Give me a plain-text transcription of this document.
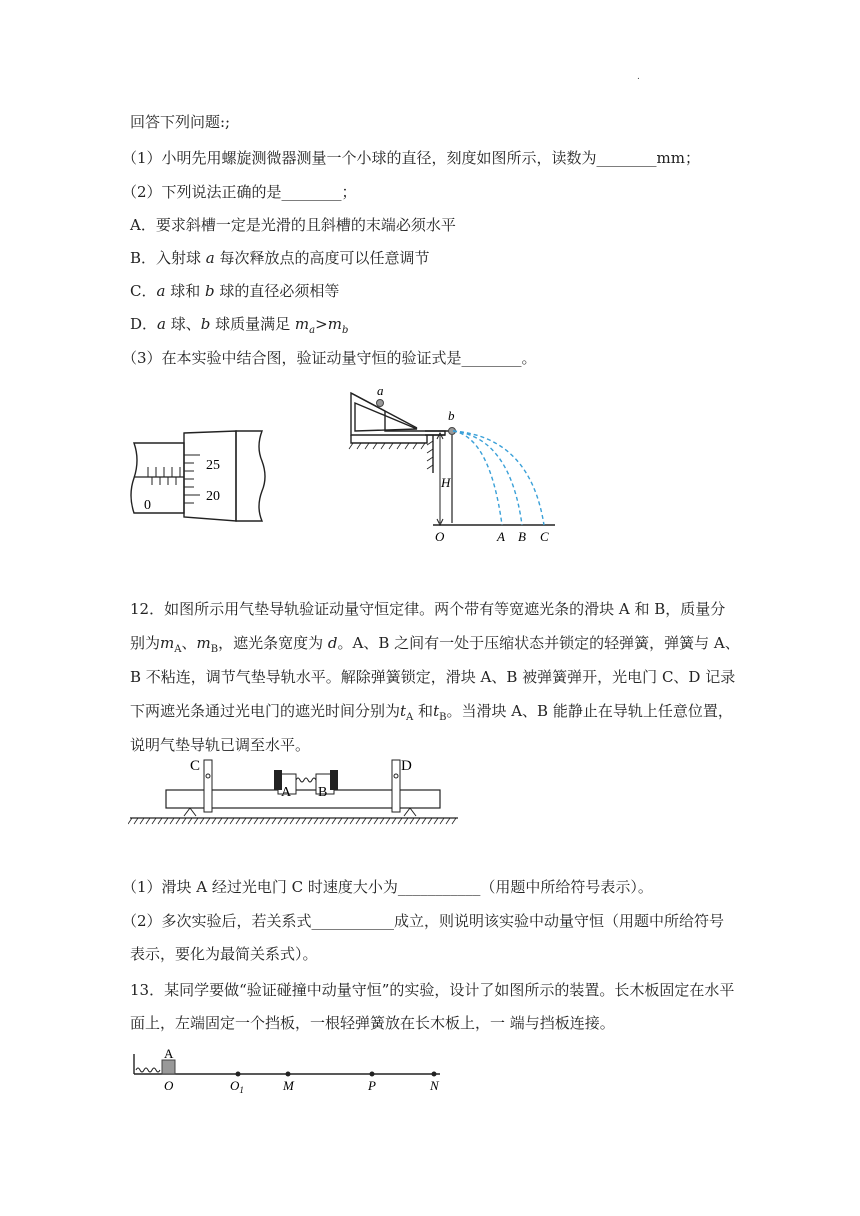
.
回答下列问题:;
（1）小明先用螺旋测微器测量一个小球的直径，刻度如图所示，读数为________mm；
（2）下列说法正确的是________；
A．要求斜槽一定是光滑的且斜槽的末端必须水平
B．入射球 a 每次释放点的高度可以任意调节
C．a 球和 b 球的直径必须相等
D．a 球、b 球质量满足 $m_a>m_b$
（3）在本实验中结合图，验证动量守恒的验证式是________。
25
20
0
a
b
H
O	A B C
12．如图所示用气垫导轨验证动量守恒定律。两个带有等宽遮光条的滑块 A 和 B，质量分
别为$m_A$、$m_B$，遮光条宽度为 d。A、B 之间有一处于压缩状态并锁定的轻弹簧，弹簧与 A、
B 不粘连，调节气垫导轨水平。解除弹簧锁定，滑块 A、B 被弹簧弹开，光电门 C、D 记录
下两遮光条通过光电门的遮光时间分别为$t_A$ 和$t_B$。当滑块 A、B 能静止在导轨上任意位置，
说明气垫导轨已调至水平。
C	D
A B
（1）滑块 A 经过光电门 C 时速度大小为___________（用题中所给符号表示）。
（2）多次实验后，若关系式___________成立，则说明该实验中动量守恒（用题中所给符号
表示，要化为最简关系式）。
13．某同学要做“验证碰撞中动量守恒”的实验，设计了如图所示的装置。长木板固定在水平
面上，左端固定一个挡板，一根轻弹簧放在长木板上，一 端与挡板连接。
A
O	$O_1$	M	P	N
